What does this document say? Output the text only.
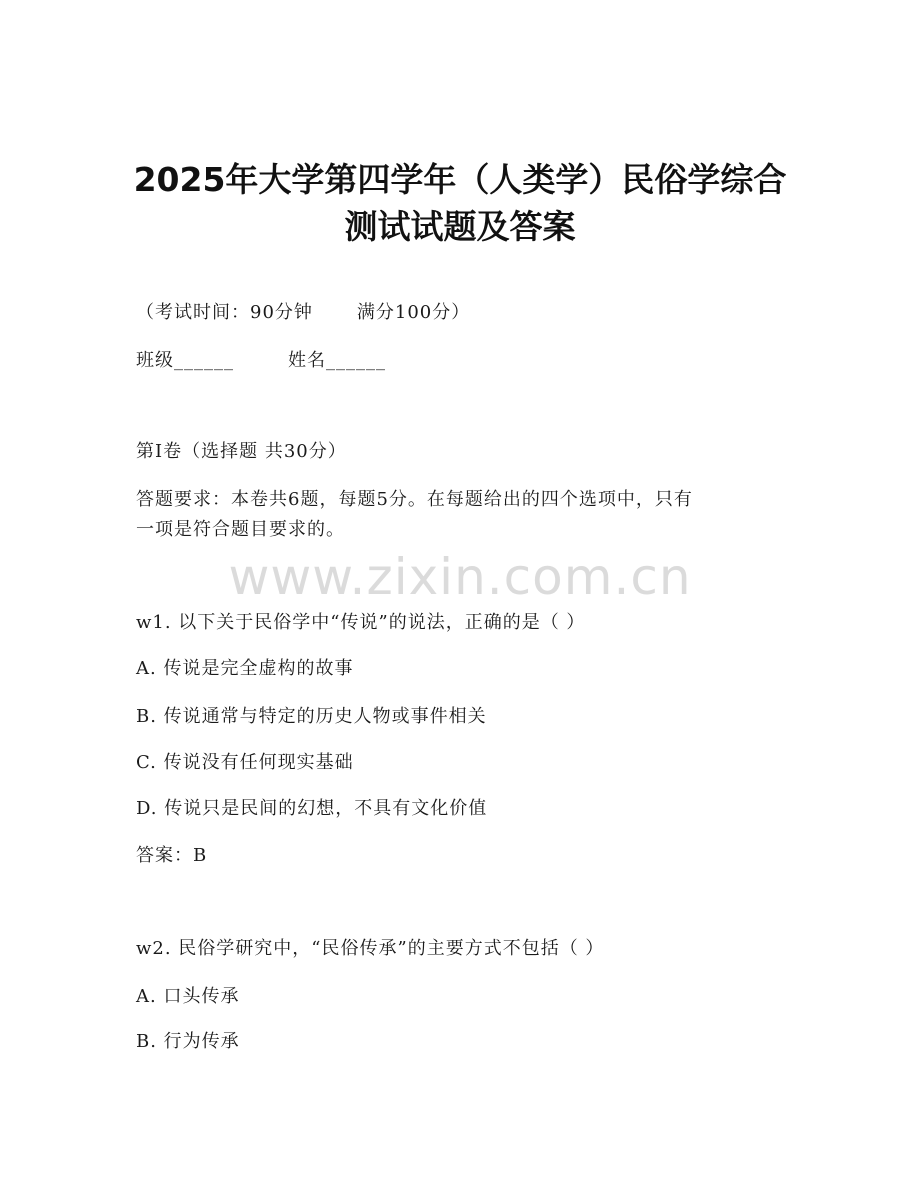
2025年大学第四学年（人类学）民俗学综合
测试试题及答案
（考试时间：90分钟 满分100分）
班级______	姓名______
第I卷（选择题 共30分）
答题要求：本卷共6题，每题5分。在每题给出的四个选项中，只有
一项是符合题目要求的。
www.zixin.com.cn
w1. 以下关于民俗学中“传说”的说法，正确的是（ ）
A. 传说是完全虚构的故事
B. 传说通常与特定的历史人物或事件相关
C. 传说没有任何现实基础
D. 传说只是民间的幻想，不具有文化价值
答案：B
w2. 民俗学研究中，“民俗传承”的主要方式不包括（ ）
A. 口头传承
B. 行为传承
